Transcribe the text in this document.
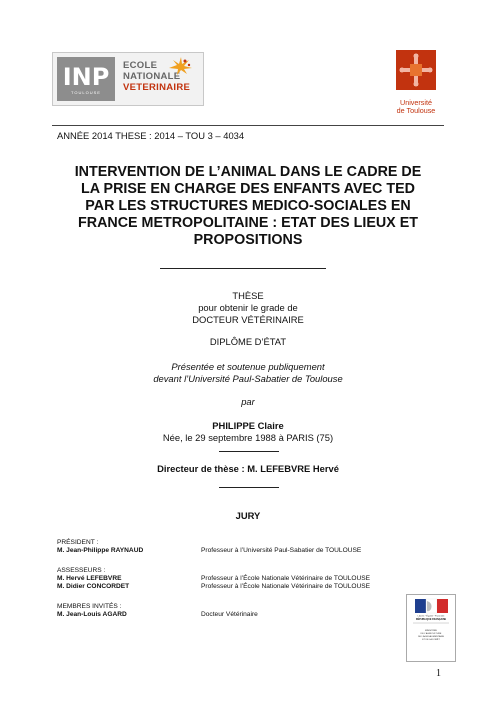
INP
TOULOUSE
ECOLE
NATIONALE
VETERINAIRE
Université
de Toulouse
ANNÉE 2014 THESE : 2014 – TOU 3 – 4034
INTERVENTION DE L’ANIMAL DANS LE CADRE DE
LA PRISE EN CHARGE DES ENFANTS AVEC TED
PAR LES STRUCTURES MEDICO-SOCIALES EN
FRANCE METROPOLITAINE : ETAT DES LIEUX ET
PROPOSITIONS
THÈSE
pour obtenir le grade de
DOCTEUR VÉTÉRINAIRE
DIPLÔME D’ÉTAT
Présentée et soutenue publiquement
devant l’Université Paul-Sabatier de Toulouse
par
PHILIPPE Claire
Née, le 29 septembre 1988 à PARIS (75)
Directeur de thèse : M. LEFEBVRE Hervé
JURY
PRÉSIDENT :
M. Jean-Philippe RAYNAUD	Professeur à l’Université Paul-Sabatier de TOULOUSE
ASSESSEURS :
M. Hervé LEFEBVRE	Professeur à l’École Nationale Vétérinaire de TOULOUSE
M. Didier CONCORDET	Professeur à l’École Nationale Vétérinaire de TOULOUSE
MEMBRES INVITÉS :
M. Jean-Louis AGARD	Docteur Vétérinaire	Liberté • Égalité • Fraternité
RÉPUBLIQUE FRANÇAISE
MINISTÈRE
DE L’AGRICULTURE
DE L’AGROALIMENTAIRE
ET DE LA FORÊT
1
